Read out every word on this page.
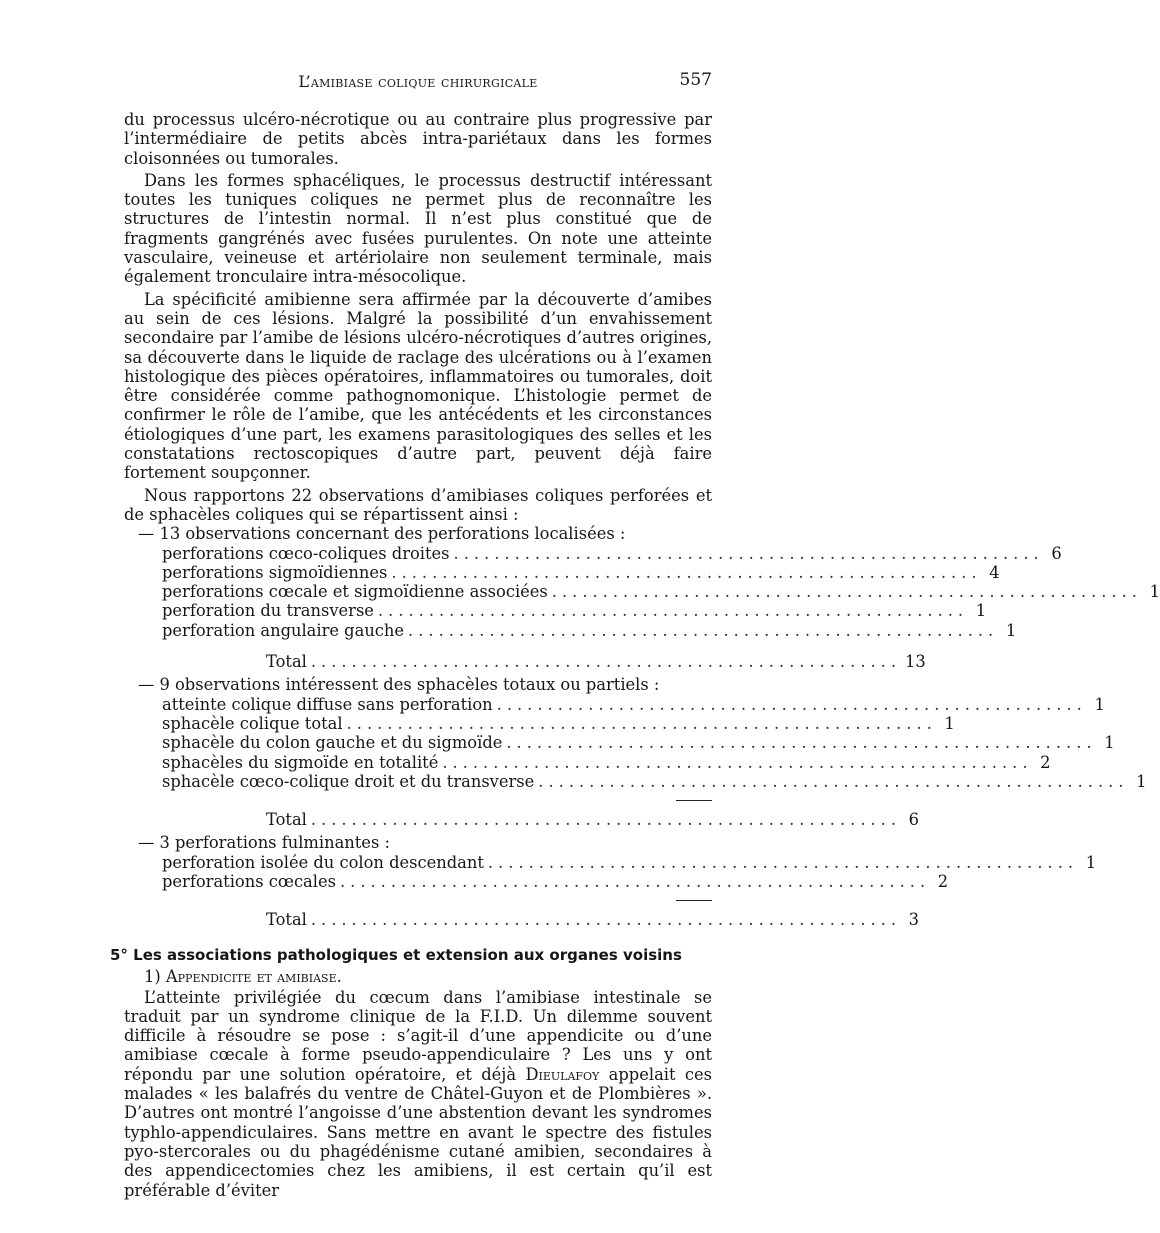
L’amibiase colique chirurgicale	557

du processus ulcéro-nécrotique ou au contraire plus progressive par l’intermédiaire de petits abcès intra-pariétaux dans les formes cloisonnées ou tumorales.

Dans les formes sphacéliques, le processus destructif intéressant toutes les tuniques coliques ne permet plus de reconnaître les structures de l’intestin normal. Il n’est plus constitué que de fragments gangrénés avec fusées purulentes. On note une atteinte vasculaire, veineuse et artériolaire non seulement terminale, mais également tronculaire intra-mésocolique.

La spécificité amibienne sera affirmée par la découverte d’amibes au sein de ces lésions. Malgré la possibilité d’un envahissement secondaire par l’amibe de lésions ulcéro-nécrotiques d’autres origines, sa découverte dans le liquide de raclage des ulcérations ou à l’examen histologique des pièces opératoires, inflammatoires ou tumorales, doit être considérée comme pathognomonique. L’histologie permet de confirmer le rôle de l’amibe, que les antécédents et les circonstances étiologiques d’une part, les examens parasitologiques des selles et les constatations rectoscopiques d’autre part, peuvent déjà faire fortement soupçonner.

Nous rapportons 22 observations d’amibiases coliques perforées et de sphacèles coliques qui se répartissent ainsi :

— 13 observations concernant des perforations localisées :
perforations cœco-coliques droites .......................................................... 6
perforations sigmoïdiennes .......................................................... 4
perforations cœcale et sigmoïdienne associées .......................................................... 1
perforation du transverse .......................................................... 1
perforation angulaire gauche .......................................................... 1
Total .......................................................... 13
— 9 observations intéressent des sphacèles totaux ou partiels :
atteinte colique diffuse sans perforation .......................................................... 1
sphacèle colique total .......................................................... 1
sphacèle du colon gauche et du sigmoïde .......................................................... 1
sphacèles du sigmoïde en totalité .......................................................... 2
sphacèle cœco-colique droit et du transverse .......................................................... 1
Total .......................................................... 6
— 3 perforations fulminantes :
perforation isolée du colon descendant .......................................................... 1
perforations cœcales .......................................................... 2
Total .......................................................... 3
5° Les associations pathologiques et extension aux organes voisins
1) Appendicite et amibiase.

L’atteinte privilégiée du cœcum dans l’amibiase intestinale se traduit par un syndrome clinique de la F.I.D. Un dilemme souvent difficile à résoudre se pose : s’agit-il d’une appendicite ou d’une amibiase cœcale à forme pseudo-appendiculaire ? Les uns y ont répondu par une solution opératoire, et déjà Dieulafoy appelait ces malades « les balafrés du ventre de Châtel-Guyon et de Plombières ». D’autres ont montré l’angoisse d’une abstention devant les syndromes typhlo-appendiculaires. Sans mettre en avant le spectre des fistules pyo-stercorales ou du phagédénisme cutané amibien, secondaires à des appendicectomies chez les amibiens, il est certain qu’il est préférable d’éviter
